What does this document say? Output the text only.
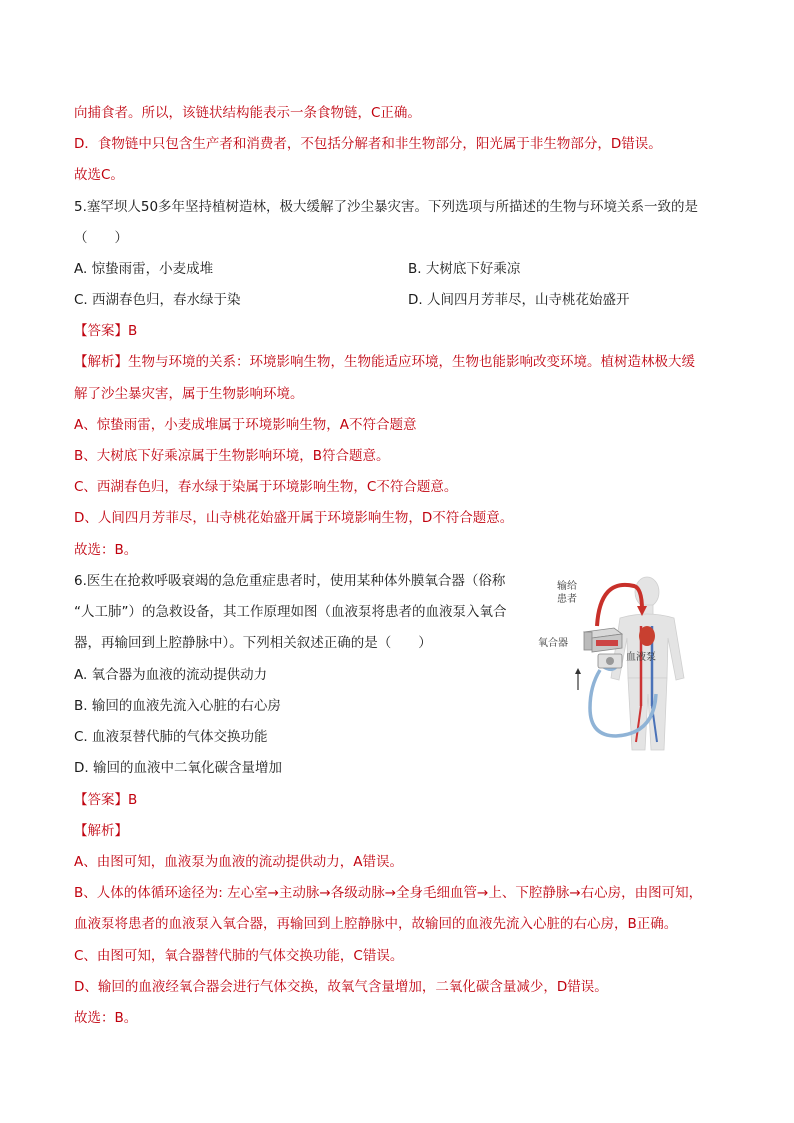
向捕食者。所以，该链状结构能表示一条食物链，C正确。
D．食物链中只包含生产者和消费者，不包括分解者和非生物部分，阳光属于非生物部分，D错误。
故选C。
5.塞罕坝人50多年坚持植树造林，极大缓解了沙尘暴灾害。下列选项与所描述的生物与环境关系一致的是
（　　）
A. 惊蛰雨雷，小麦成堆	B. 大树底下好乘凉
C. 西湖春色归，春水绿于染	D. 人间四月芳菲尽，山寺桃花始盛开
【答案】B
【解析】生物与环境的关系：环境影响生物，生物能适应环境，生物也能影响改变环境。植树造林极大缓
解了沙尘暴灾害，属于生物影响环境。
A、惊蛰雨雷，小麦成堆属于环境影响生物，A不符合题意
B、大树底下好乘凉属于生物影响环境，B符合题意。
C、西湖春色归，春水绿于染属于环境影响生物，C不符合题意。
D、人间四月芳菲尽，山寺桃花始盛开属于环境影响生物，D不符合题意。
故选：B。
6.医生在抢救呼吸衰竭的急危重症患者时，使用某种体外膜氧合器（俗称
“人工肺”）的急救设备，其工作原理如图（血液泵将患者的血液泵入氧合
器，再输回到上腔静脉中）。下列相关叙述正确的是（　　）
A. 氧合器为血液的流动提供动力
B. 输回的血液先流入心脏的右心房
C. 血液泵替代肺的气体交换功能
D. 输回的血液中二氧化碳含量增加
【答案】B
【解析】
A、由图可知，血液泵为血液的流动提供动力，A错误。
B、人体的体循环途径为: 左心室→主动脉→各级动脉→全身毛细血管→上、下腔静脉→右心房，由图可知，
血液泵将患者的血液泵入氧合器，再输回到上腔静脉中，故输回的血液先流入心脏的右心房，B正确。
C、由图可知，氧合器替代肺的气体交换功能，C错误。
D、输回的血液经氧合器会进行气体交换，故氧气含量增加，二氧化碳含量减少，D错误。
故选：B。
输给
患者
氧合器
血液泵
